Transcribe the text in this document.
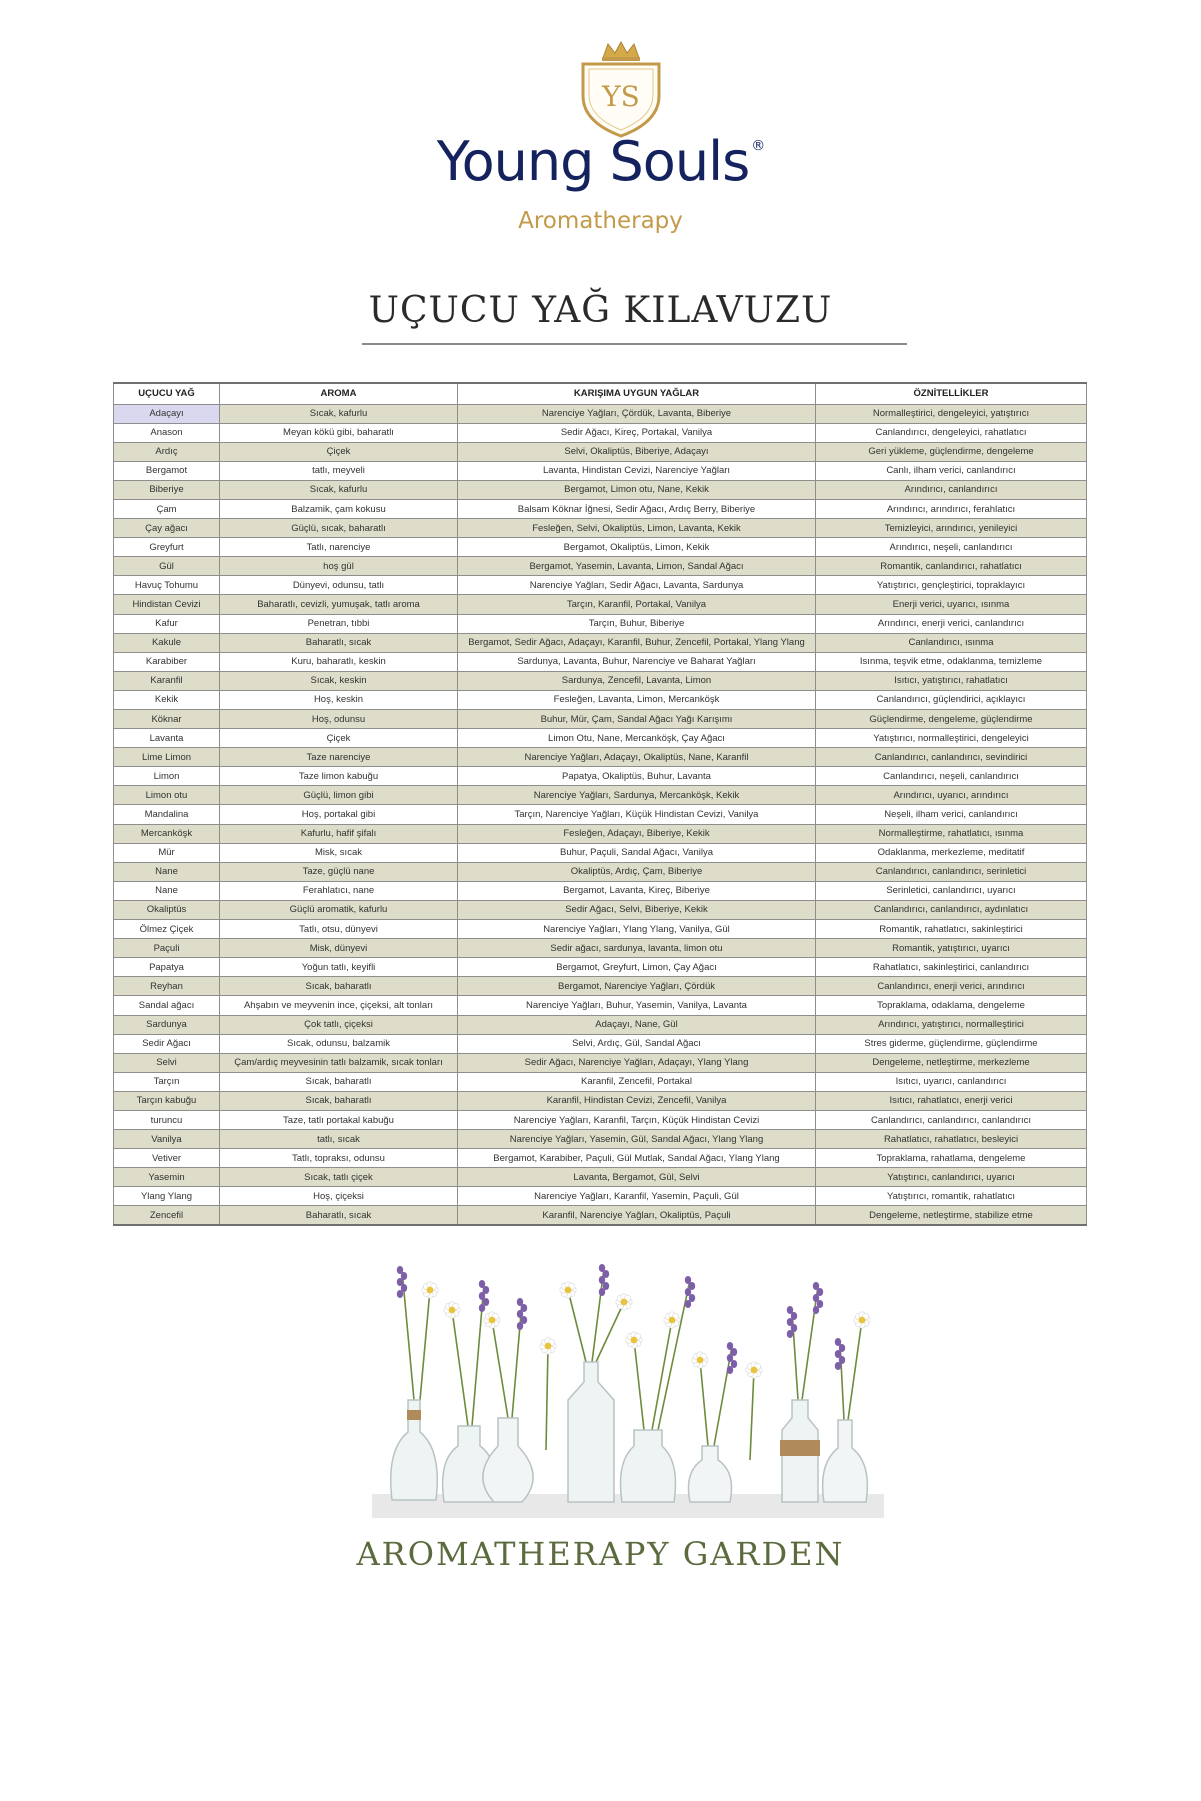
YS
Young Souls ®
Aromatherapy
UÇUCU YAĞ KILAVUZU
UÇUCU YAĞ	AROMA	KARIŞIMA UYGUN YAĞLAR	ÖZNİTELLİKLER
Adaçayı	Sıcak, kafurlu	Narenciye Yağları, Çördük, Lavanta, Biberiye	Normalleştirici, dengeleyici, yatıştırıcı
Anason	Meyan kökü gibi, baharatlı	Sedir Ağacı, Kireç, Portakal, Vanilya	Canlandırıcı, dengeleyici, rahatlatıcı
Ardıç	Çiçek	Selvi, Okaliptüs, Biberiye, Adaçayı	Geri yükleme, güçlendirme, dengeleme
Bergamot	tatlı, meyveli	Lavanta, Hindistan Cevizi, Narenciye Yağları	Canlı, ilham verici, canlandırıcı
Biberiye	Sıcak, kafurlu	Bergamot, Limon otu, Nane, Kekik	Arındırıcı, canlandırıcı
Çam	Balzamik, çam kokusu	Balsam Köknar İğnesi, Sedir Ağacı, Ardıç Berry, Biberiye	Arındırıcı, arındırıcı, ferahlatıcı
Çay ağacı	Güçlü, sıcak, baharatlı	Fesleğen, Selvi, Okaliptüs, Limon, Lavanta, Kekik	Temizleyici, arındırıcı, yenileyici
Greyfurt	Tatlı, narenciye	Bergamot, Okaliptüs, Limon, Kekik	Arındırıcı, neşeli, canlandırıcı
Gül	hoş gül	Bergamot, Yasemin, Lavanta, Limon, Sandal Ağacı	Romantik, canlandırıcı, rahatlatıcı
Havuç Tohumu	Dünyevi, odunsu, tatlı	Narenciye Yağları, Sedir Ağacı, Lavanta, Sardunya	Yatıştırıcı, gençleştirici, topraklayıcı
Hindistan Cevizi	Baharatlı, cevizli, yumuşak, tatlı aroma	Tarçın, Karanfil, Portakal, Vanilya	Enerji verici, uyarıcı, ısınma
Kafur	Penetran, tıbbi	Tarçın, Buhur, Biberiye	Arındırıcı, enerji verici, canlandırıcı
Kakule	Baharatlı, sıcak	Bergamot, Sedir Ağacı, Adaçayı, Karanfil, Buhur, Zencefil, Portakal, Ylang Ylang	Canlandırıcı, ısınma
Karabiber	Kuru, baharatlı, keskin	Sardunya, Lavanta, Buhur, Narenciye ve Baharat Yağları	Isınma, teşvik etme, odaklanma, temizleme
Karanfil	Sıcak, keskin	Sardunya, Zencefil, Lavanta, Limon	Isıtıcı, yatıştırıcı, rahatlatıcı
Kekik	Hoş, keskin	Fesleğen, Lavanta, Limon, Mercanköşk	Canlandırıcı, güçlendirici, açıklayıcı
Köknar	Hoş, odunsu	Buhur, Mür, Çam, Sandal Ağacı Yağı Karışımı	Güçlendirme, dengeleme, güçlendirme
Lavanta	Çiçek	Limon Otu, Nane, Mercanköşk, Çay Ağacı	Yatıştırıcı, normalleştirici, dengeleyici
Lime Limon	Taze narenciye	Narenciye Yağları, Adaçayı, Okaliptüs, Nane, Karanfil	Canlandırıcı, canlandırıcı, sevindirici
Limon	Taze limon kabuğu	Papatya, Okaliptüs, Buhur, Lavanta	Canlandırıcı, neşeli, canlandırıcı
Limon otu	Güçlü, limon gibi	Narenciye Yağları, Sardunya, Mercanköşk, Kekik	Arındırıcı, uyarıcı, arındırıcı
Mandalina	Hoş, portakal gibi	Tarçın, Narenciye Yağları, Küçük Hindistan Cevizi, Vanilya	Neşeli, ilham verici, canlandırıcı
Mercanköşk	Kafurlu, hafif şifalı	Fesleğen, Adaçayı, Biberiye, Kekik	Normalleştirme, rahatlatıcı, ısınma
Mür	Misk, sıcak	Buhur, Paçuli, Sandal Ağacı, Vanilya	Odaklanma, merkezleme, meditatif
Nane	Taze, güçlü nane	Okaliptüs, Ardıç, Çam, Biberiye	Canlandırıcı, canlandırıcı, serinletici
Nane	Ferahlatıcı, nane	Bergamot, Lavanta, Kireç, Biberiye	Serinletici, canlandırıcı, uyarıcı
Okaliptüs	Güçlü aromatik, kafurlu	Sedir Ağacı, Selvi, Biberiye, Kekik	Canlandırıcı, canlandırıcı, aydınlatıcı
Ölmez Çiçek	Tatlı, otsu, dünyevi	Narenciye Yağları, Ylang Ylang, Vanilya, Gül	Romantik, rahatlatıcı, sakinleştirici
Paçuli	Misk, dünyevi	Sedir ağacı, sardunya, lavanta, limon otu	Romantik, yatıştırıcı, uyarıcı
Papatya	Yoğun tatlı, keyifli	Bergamot, Greyfurt, Limon, Çay Ağacı	Rahatlatıcı, sakinleştirici, canlandırıcı
Reyhan	Sıcak, baharatlı	Bergamot, Narenciye Yağları, Çördük	Canlandırıcı, enerji verici, arındırıcı
Sandal ağacı	Ahşabın ve meyvenin ince, çiçeksi, alt tonları	Narenciye Yağları, Buhur, Yasemin, Vanilya, Lavanta	Topraklama, odaklama, dengeleme
Sardunya	Çok tatlı, çiçeksi	Adaçayı, Nane, Gül	Arındırıcı, yatıştırıcı, normalleştirici
Sedir Ağacı	Sıcak, odunsu, balzamik	Selvi, Ardıç, Gül, Sandal Ağacı	Stres giderme, güçlendirme, güçlendirme
Selvi	Çam/ardıç meyvesinin tatlı balzamik, sıcak tonları	Sedir Ağacı, Narenciye Yağları, Adaçayı, Ylang Ylang	Dengeleme, netleştirme, merkezleme
Tarçın	Sıcak, baharatlı	Karanfil, Zencefil, Portakal	Isıtıcı, uyarıcı, canlandırıcı
Tarçın kabuğu	Sıcak, baharatlı	Karanfil, Hindistan Cevizi, Zencefil, Vanilya	Isıtıcı, rahatlatıcı, enerji verici
turuncu	Taze, tatlı portakal kabuğu	Narenciye Yağları, Karanfil, Tarçın, Küçük Hindistan Cevizi	Canlandırıcı, canlandırıcı, canlandırıcı
Vanilya	tatlı, sıcak	Narenciye Yağları, Yasemin, Gül, Sandal Ağacı, Ylang Ylang	Rahatlatıcı, rahatlatıcı, besleyici
Vetiver	Tatlı, topraksı, odunsu	Bergamot, Karabiber, Paçuli, Gül Mutlak, Sandal Ağacı, Ylang Ylang	Topraklama, rahatlama, dengeleme
Yasemin	Sıcak, tatlı çiçek	Lavanta, Bergamot, Gül, Selvi	Yatıştırıcı, canlandırıcı, uyarıcı
Ylang Ylang	Hoş, çiçeksi	Narenciye Yağları, Karanfil, Yasemin, Paçuli, Gül	Yatıştırıcı, romantik, rahatlatıcı
Zencefil	Baharatlı, sıcak	Karanfil, Narenciye Yağları, Okaliptüs, Paçuli	Dengeleme, netleştirme, stabilize etme
AROMATHERAPY GARDEN
